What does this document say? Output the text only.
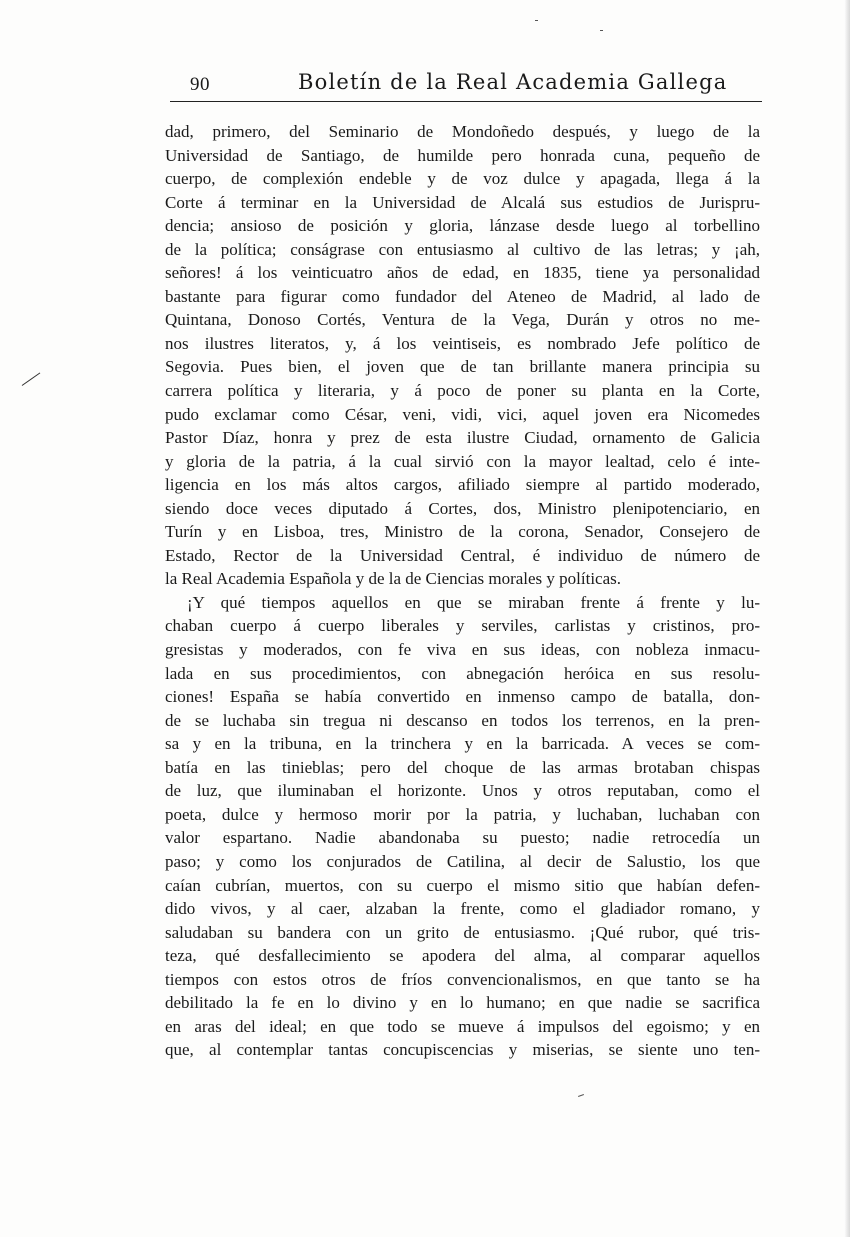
90	Boletín de la Real Academia Gallega
dad, primero, del Seminario de Mondoñedo después, y luego de la
Universidad de Santiago, de humilde pero honrada cuna, pequeño de
cuerpo, de complexión endeble y de voz dulce y apagada, llega á la
Corte á terminar en la Universidad de Alcalá sus estudios de Jurispru-
dencia; ansioso de posición y gloria, lánzase desde luego al torbellino
de la política; conságrase con entusiasmo al cultivo de las letras; y ¡ah,
señores! á los veinticuatro años de edad, en 1835, tiene ya personalidad
bastante para figurar como fundador del Ateneo de Madrid, al lado de
Quintana, Donoso Cortés, Ventura de la Vega, Durán y otros no me-
nos ilustres literatos, y, á los veintiseis, es nombrado Jefe político de
Segovia. Pues bien, el joven que de tan brillante manera principia su
carrera política y literaria, y á poco de poner su planta en la Corte,
pudo exclamar como César, veni, vidi, vici, aquel joven era Nicomedes
Pastor Díaz, honra y prez de esta ilustre Ciudad, ornamento de Galicia
y gloria de la patria, á la cual sirvió con la mayor lealtad, celo é inte-
ligencia en los más altos cargos, afiliado siempre al partido moderado,
siendo doce veces diputado á Cortes, dos, Ministro plenipotenciario, en
Turín y en Lisboa, tres, Ministro de la corona, Senador, Consejero de
Estado, Rector de la Universidad Central, é individuo de número de
la Real Academia Española y de la de Ciencias morales y políticas.
¡Y qué tiempos aquellos en que se miraban frente á frente y lu-
chaban cuerpo á cuerpo liberales y serviles, carlistas y cristinos, pro-
gresistas y moderados, con fe viva en sus ideas, con nobleza inmacu-
lada en sus procedimientos, con abnegación heróica en sus resolu-
ciones! España se había convertido en inmenso campo de batalla, don-
de se luchaba sin tregua ni descanso en todos los terrenos, en la pren-
sa y en la tribuna, en la trinchera y en la barricada. A veces se com-
batía en las tinieblas; pero del choque de las armas brotaban chispas
de luz, que iluminaban el horizonte. Unos y otros reputaban, como el
poeta, dulce y hermoso morir por la patria, y luchaban, luchaban con
valor espartano. Nadie abandonaba su puesto; nadie retrocedía un
paso; y como los conjurados de Catilina, al decir de Salustio, los que
caían cubrían, muertos, con su cuerpo el mismo sitio que habían defen-
dido vivos, y al caer, alzaban la frente, como el gladiador romano, y
saludaban su bandera con un grito de entusiasmo. ¡Qué rubor, qué tris-
teza, qué desfallecimiento se apodera del alma, al comparar aquellos
tiempos con estos otros de fríos convencionalismos, en que tanto se ha
debilitado la fe en lo divino y en lo humano; en que nadie se sacrifica
en aras del ideal; en que todo se mueve á impulsos del egoismo; y en
que, al contemplar tantas concupiscencias y miserias, se siente uno ten-
